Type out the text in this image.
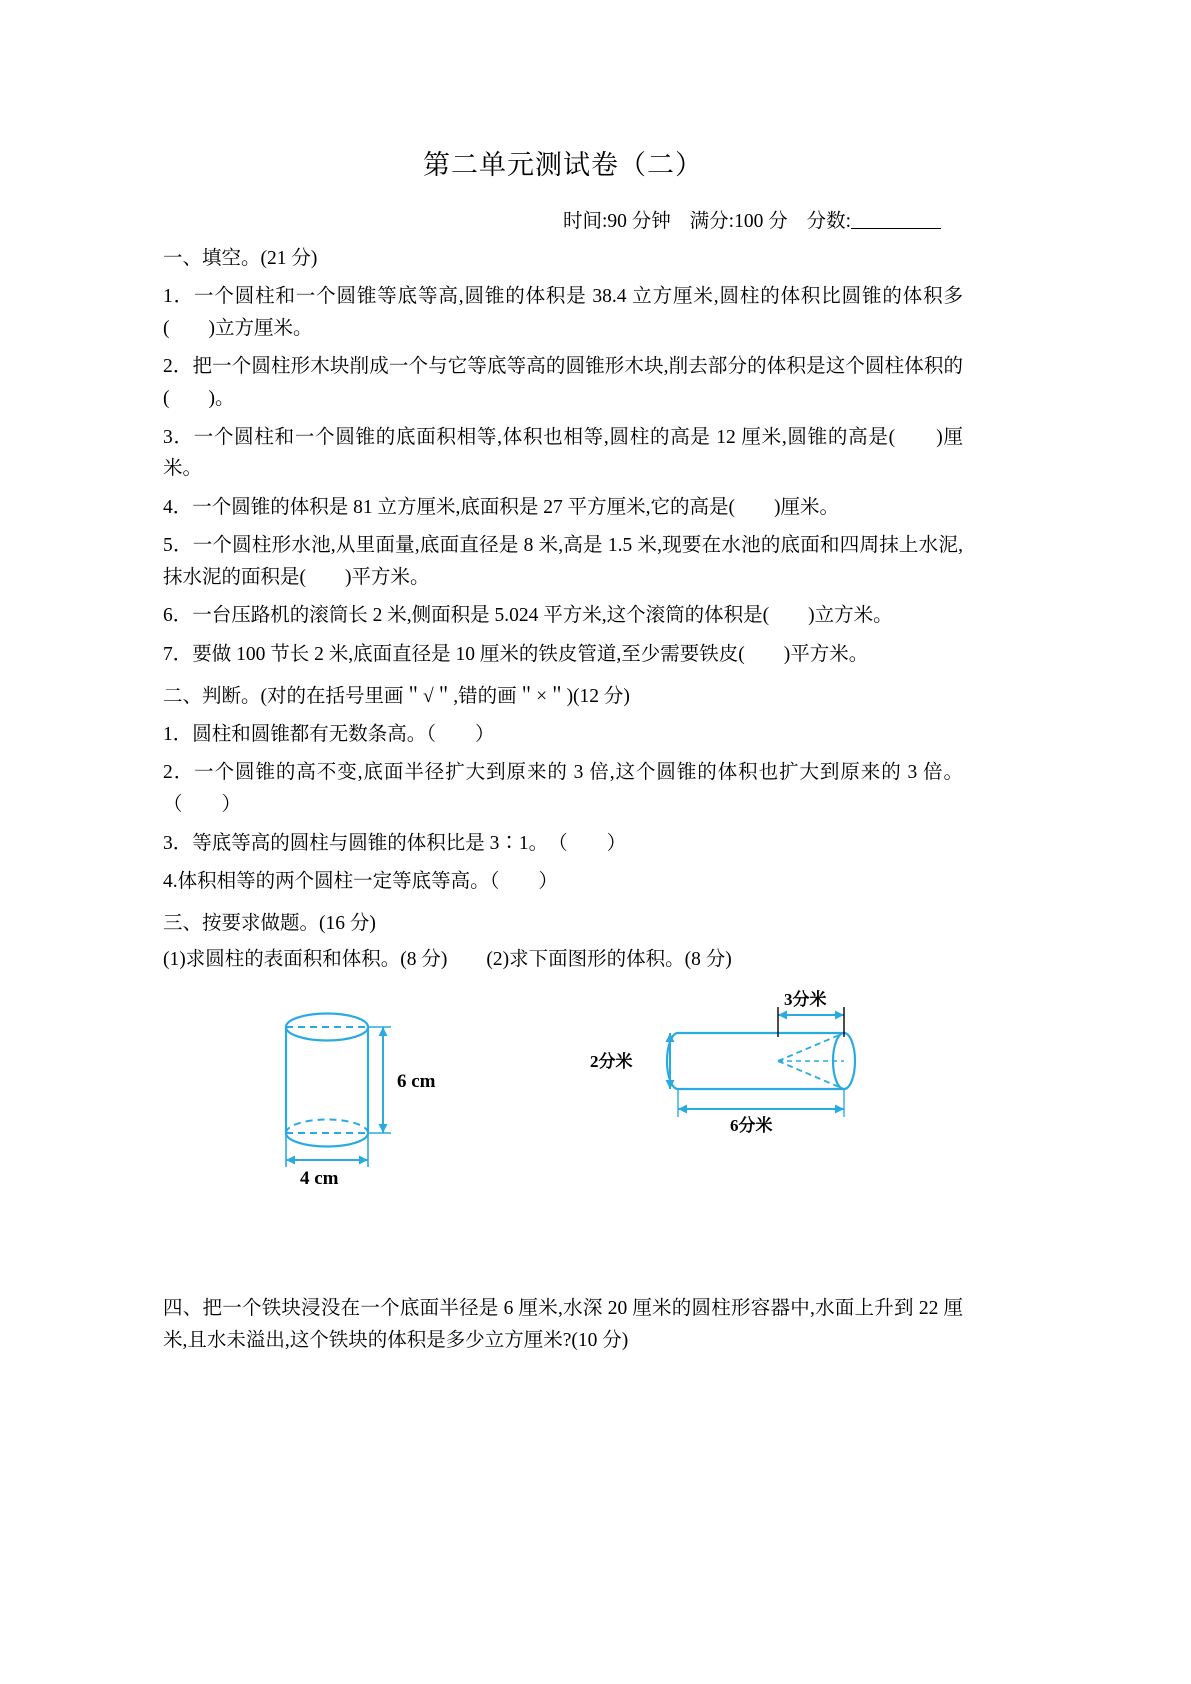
第二单元测试卷（二）
时间:90 分钟 满分:100 分 分数:
一、填空。(21 分)
1．一个圆柱和一个圆锥等底等高,圆锥的体积是 38.4 立方厘米,圆柱的体积比圆锥的体积多(　　)立方厘米。
2．把一个圆柱形木块削成一个与它等底等高的圆锥形木块,削去部分的体积是这个圆柱体积的(　　)。
3．一个圆柱和一个圆锥的底面积相等,体积也相等,圆柱的高是 12 厘米,圆锥的高是(　　)厘米。
4．一个圆锥的体积是 81 立方厘米,底面积是 27 平方厘米,它的高是(　　)厘米。
5．一个圆柱形水池,从里面量,底面直径是 8 米,高是 1.5 米,现要在水池的底面和四周抹上水泥,抹水泥的面积是(　　)平方米。
6．一台压路机的滚筒长 2 米,侧面积是 5.024 平方米,这个滚筒的体积是(　　)立方米。
7．要做 100 节长 2 米,底面直径是 10 厘米的铁皮管道,至少需要铁皮(　　)平方米。
二、判断。(对的在括号里画＂√＂,错的画＂×＂)(12 分)
1．圆柱和圆锥都有无数条高。（　　）
2．一个圆锥的高不变,底面半径扩大到原来的 3 倍,这个圆锥的体积也扩大到原来的 3 倍。（　　）
3．等底等高的圆柱与圆锥的体积比是 3∶1。　（　　）
4.体积相等的两个圆柱一定等底等高。（　　）
三、按要求做题。(16 分)
(1)求圆柱的表面积和体积。(8 分)　　(2)求下面图形的体积。(8 分)
6 cm
4 cm
3分米
2分米
6分米
四、把一个铁块浸没在一个底面半径是 6 厘米,水深 20 厘米的圆柱形容器中,水面上升到 22 厘米,且水未溢出,这个铁块的体积是多少立方厘米?(10 分)
